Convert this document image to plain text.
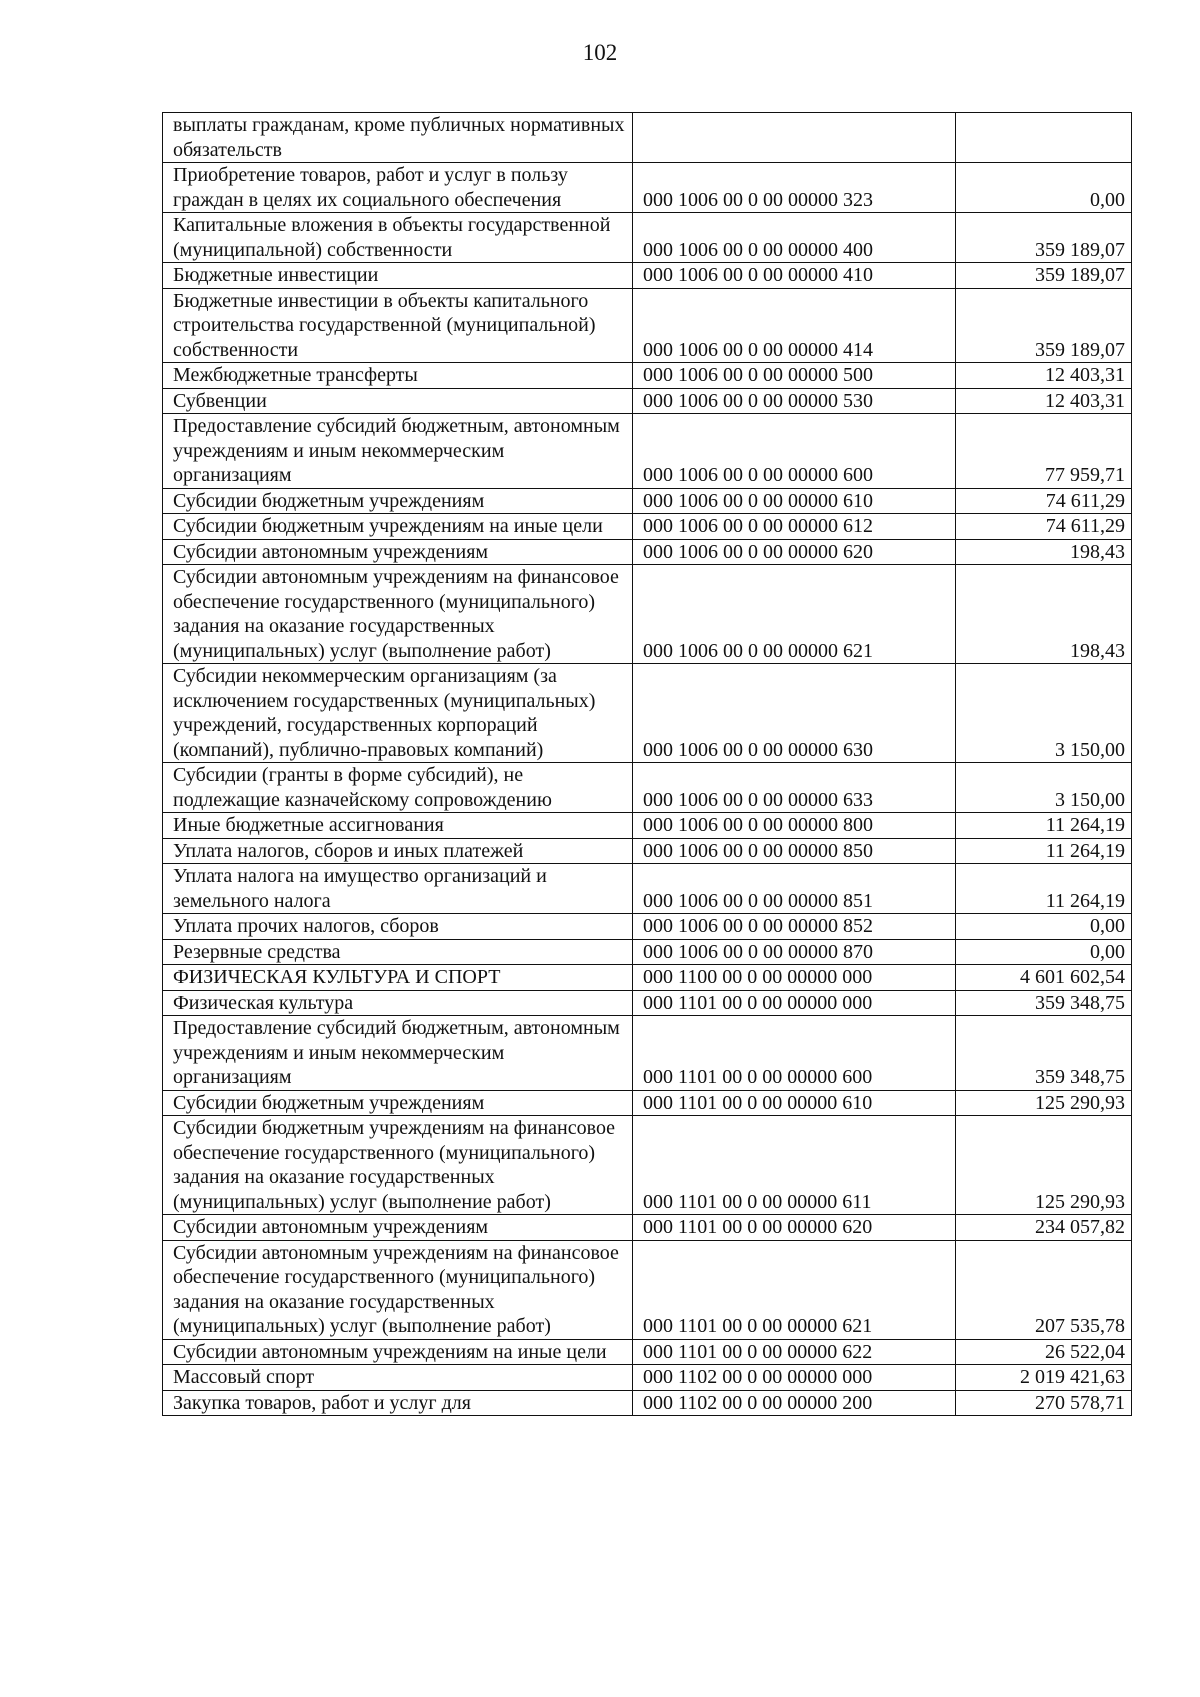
102
выплаты гражданам, кроме публичных нормативных обязательств		
Приобретение товаров, работ и услуг в пользу граждан в целях их социального обеспечения	000 1006 00 0 00 00000 323	0,00
Капитальные вложения в объекты государственной (муниципальной) собственности	000 1006 00 0 00 00000 400	359 189,07
Бюджетные инвестиции	000 1006 00 0 00 00000 410	359 189,07
Бюджетные инвестиции в объекты капитального строительства государственной (муниципальной) собственности	000 1006 00 0 00 00000 414	359 189,07
Межбюджетные трансферты	000 1006 00 0 00 00000 500	12 403,31
Субвенции	000 1006 00 0 00 00000 530	12 403,31
Предоставление субсидий бюджетным, автономным учреждениям и иным некоммерческим организациям	000 1006 00 0 00 00000 600	77 959,71
Субсидии бюджетным учреждениям	000 1006 00 0 00 00000 610	74 611,29
Субсидии бюджетным учреждениям на иные цели	000 1006 00 0 00 00000 612	74 611,29
Субсидии автономным учреждениям	000 1006 00 0 00 00000 620	198,43
Субсидии автономным учреждениям на финансовое обеспечение государственного (муниципального) задания на оказание государственных (муниципальных) услуг (выполнение работ)	000 1006 00 0 00 00000 621	198,43
Субсидии некоммерческим организациям (за исключением государственных (муниципальных) учреждений, государственных корпораций (компаний), публично-правовых компаний)	000 1006 00 0 00 00000 630	3 150,00
Субсидии (гранты в форме субсидий), не подлежащие казначейскому сопровождению	000 1006 00 0 00 00000 633	3 150,00
Иные бюджетные ассигнования	000 1006 00 0 00 00000 800	11 264,19
Уплата налогов, сборов и иных платежей	000 1006 00 0 00 00000 850	11 264,19
Уплата налога на имущество организаций и земельного налога	000 1006 00 0 00 00000 851	11 264,19
Уплата прочих налогов, сборов	000 1006 00 0 00 00000 852	0,00
Резервные средства	000 1006 00 0 00 00000 870	0,00
ФИЗИЧЕСКАЯ КУЛЬТУРА И СПОРТ	000 1100 00 0 00 00000 000	4 601 602,54
Физическая культура	000 1101 00 0 00 00000 000	359 348,75
Предоставление субсидий бюджетным, автономным учреждениям и иным некоммерческим организациям	000 1101 00 0 00 00000 600	359 348,75
Субсидии бюджетным учреждениям	000 1101 00 0 00 00000 610	125 290,93
Субсидии бюджетным учреждениям на финансовое обеспечение государственного (муниципального) задания на оказание государственных (муниципальных) услуг (выполнение работ)	000 1101 00 0 00 00000 611	125 290,93
Субсидии автономным учреждениям	000 1101 00 0 00 00000 620	234 057,82
Субсидии автономным учреждениям на финансовое обеспечение государственного (муниципального) задания на оказание государственных (муниципальных) услуг (выполнение работ)	000 1101 00 0 00 00000 621	207 535,78
Субсидии автономным учреждениям на иные цели	000 1101 00 0 00 00000 622	26 522,04
Массовый спорт	000 1102 00 0 00 00000 000	2 019 421,63
Закупка товаров, работ и услуг для	000 1102 00 0 00 00000 200	270 578,71
